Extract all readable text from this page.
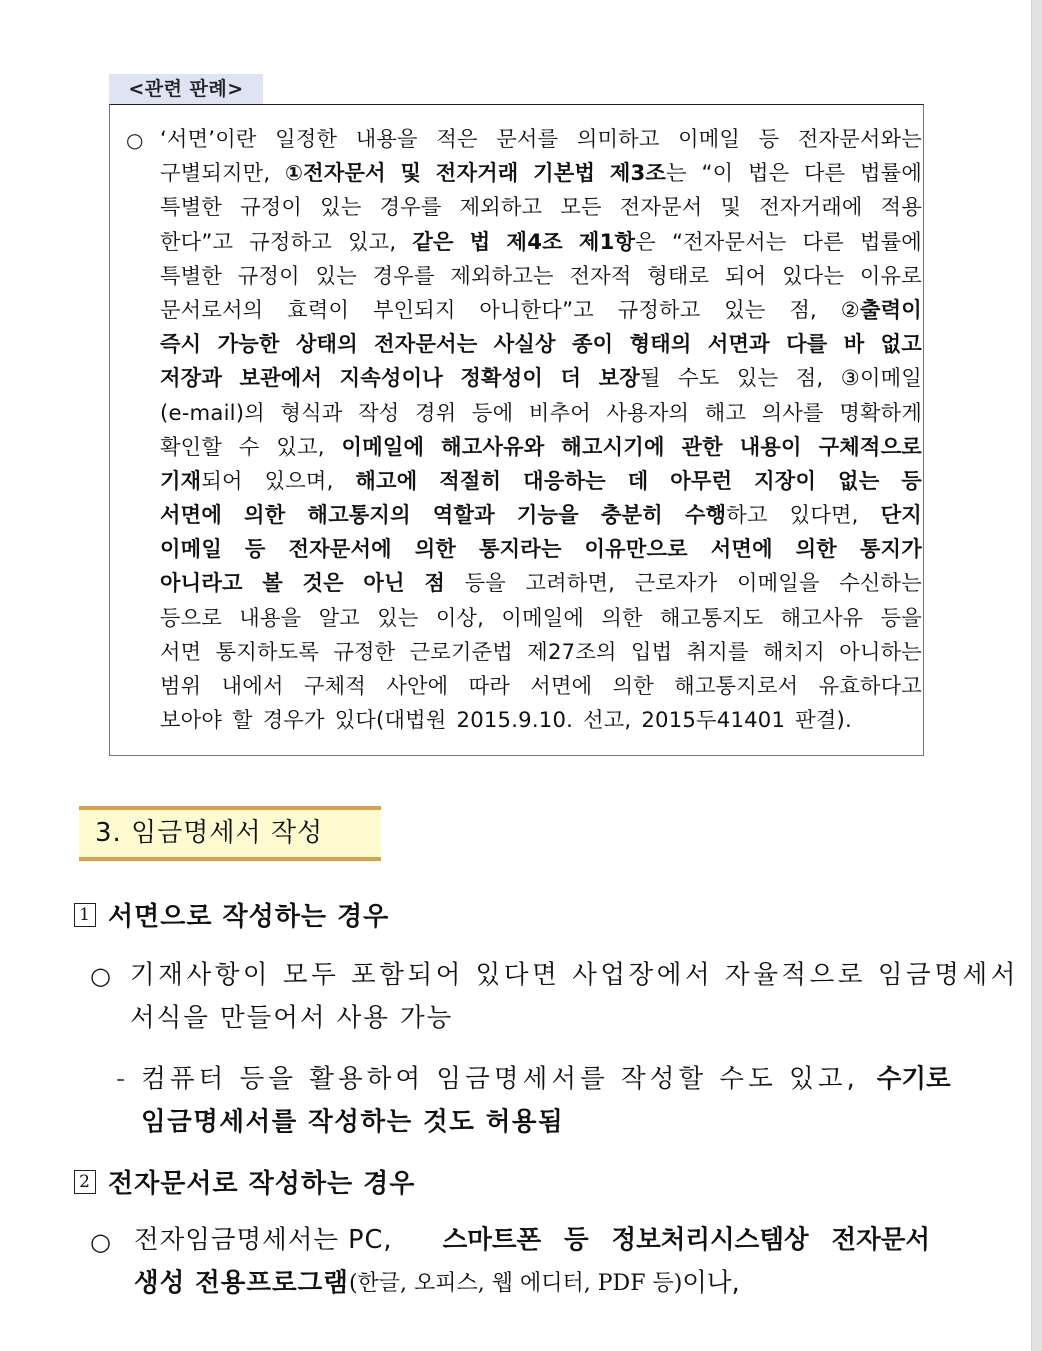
<관련 판례>
○ ‘서면’이란 일정한 내용을 적은 문서를 의미하고 이메일 등 전자문서와는
구별되지만, ①전자문서 및 전자거래 기본법 제3조는 “이 법은 다른 법률에
특별한 규정이 있는 경우를 제외하고 모든 전자문서 및 전자거래에 적용
한다”고 규정하고 있고, 같은 법 제4조 제1항은 “전자문서는 다른 법률에
특별한 규정이 있는 경우를 제외하고는 전자적 형태로 되어 있다는 이유로
문서로서의 효력이 부인되지 아니한다”고 규정하고 있는 점, ②출력이
즉시 가능한 상태의 전자문서는 사실상 종이 형태의 서면과 다를 바 없고
저장과 보관에서 지속성이나 정확성이 더 보장될 수도 있는 점, ③이메일
(e-mail)의 형식과 작성 경위 등에 비추어 사용자의 해고 의사를 명확하게
확인할 수 있고, 이메일에 해고사유와 해고시기에 관한 내용이 구체적으로
기재되어 있으며, 해고에 적절히 대응하는 데 아무런 지장이 없는 등
서면에 의한 해고통지의 역할과 기능을 충분히 수행하고 있다면, 단지
이메일 등 전자문서에 의한 통지라는 이유만으로 서면에 의한 통지가
아니라고 볼 것은 아닌 점 등을 고려하면, 근로자가 이메일을 수신하는
등으로 내용을 알고 있는 이상, 이메일에 의한 해고통지도 해고사유 등을
서면 통지하도록 규정한 근로기준법 제27조의 입법 취지를 해치지 아니하는
범위 내에서 구체적 사안에 따라 서면에 의한 해고통지로서 유효하다고
보아야 할 경우가 있다(대법원 2015.9.10. 선고, 2015두41401 판결).
3. 임금명세서 작성
1 서면으로 작성하는 경우
○ 기재사항이 모두 포함되어 있다면 사업장에서 자율적으로 임금명세서
서식을 만들어서 사용 가능
- 컴퓨터 등을 활용하여 임금명세서를 작성할 수도 있고, 수기로
임금명세서를 작성하는 것도 허용됨
2 전자문서로 작성하는 경우
○ 전자임금명세서는 PC, 스마트폰 등 정보처리시스템상 전자문서
생성 전용프로그램 (한글, 오피스, 웹 에디터, PDF 등) 이나,
